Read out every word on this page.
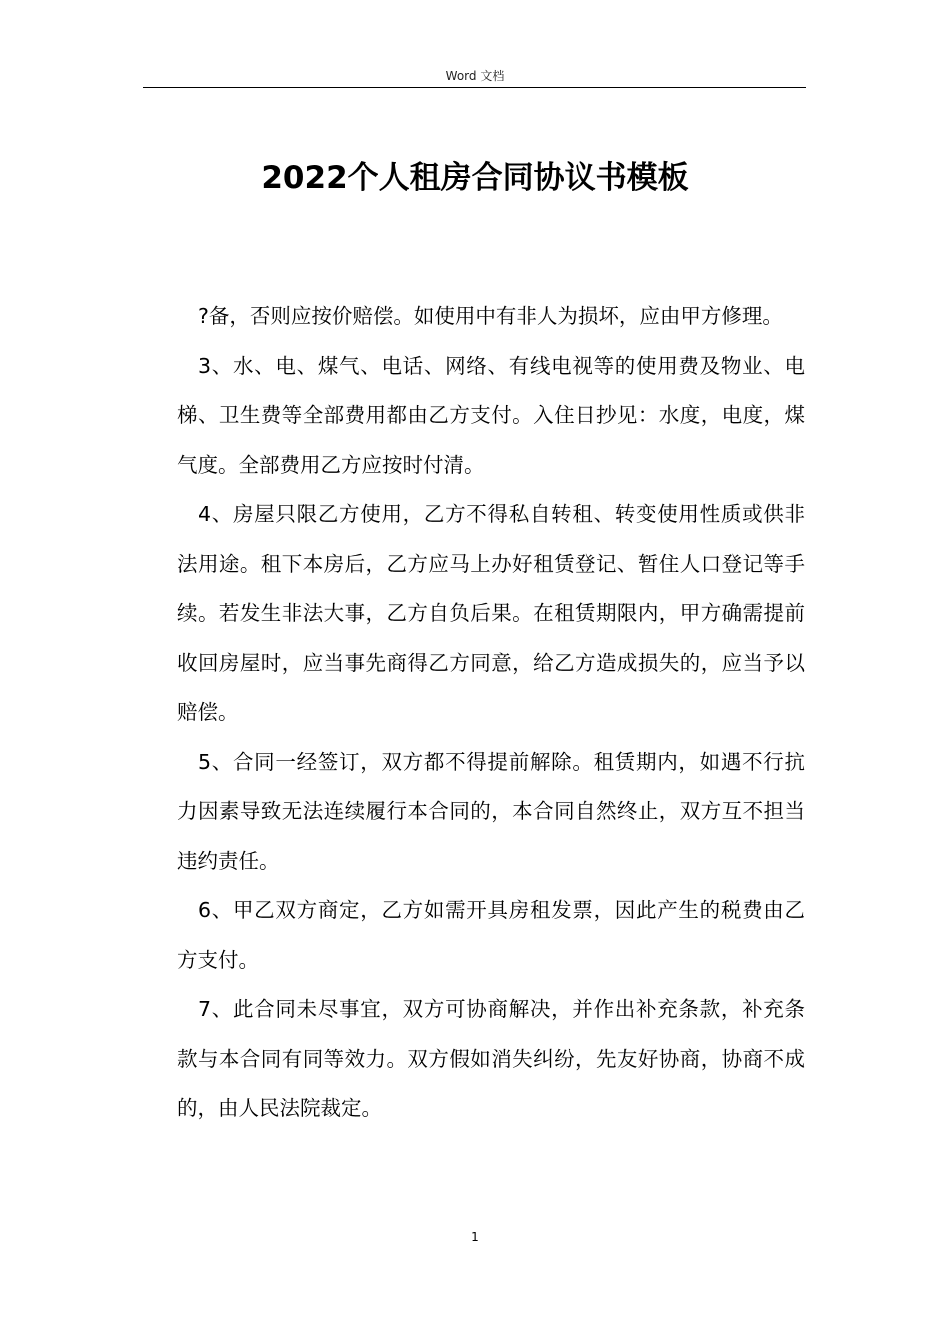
Word 文档
2022个人租房合同协议书模板

?备，否则应按价赔偿。如使用中有非人为损坏，应由甲方修理。

3、水、电、煤气、电话、网络、有线电视等的使用费及物业、电梯、卫生费等全部费用都由乙方支付。入住日抄见：水度，电度，煤气度。全部费用乙方应按时付清。

4、房屋只限乙方使用，乙方不得私自转租、转变使用性质或供非法用途。租下本房后，乙方应马上办好租赁登记、暂住人口登记等手续。若发生非法大事，乙方自负后果。在租赁期限内，甲方确需提前收回房屋时，应当事先商得乙方同意，给乙方造成损失的，应当予以赔偿。

5、合同一经签订，双方都不得提前解除。租赁期内，如遇不行抗力因素导致无法连续履行本合同的，本合同自然终止，双方互不担当违约责任。

6、甲乙双方商定，乙方如需开具房租发票，因此产生的税费由乙方支付。

7、此合同未尽事宜，双方可协商解决，并作出补充条款，补充条款与本合同有同等效力。双方假如消失纠纷，先友好协商，协商不成的，由人民法院裁定。

1
